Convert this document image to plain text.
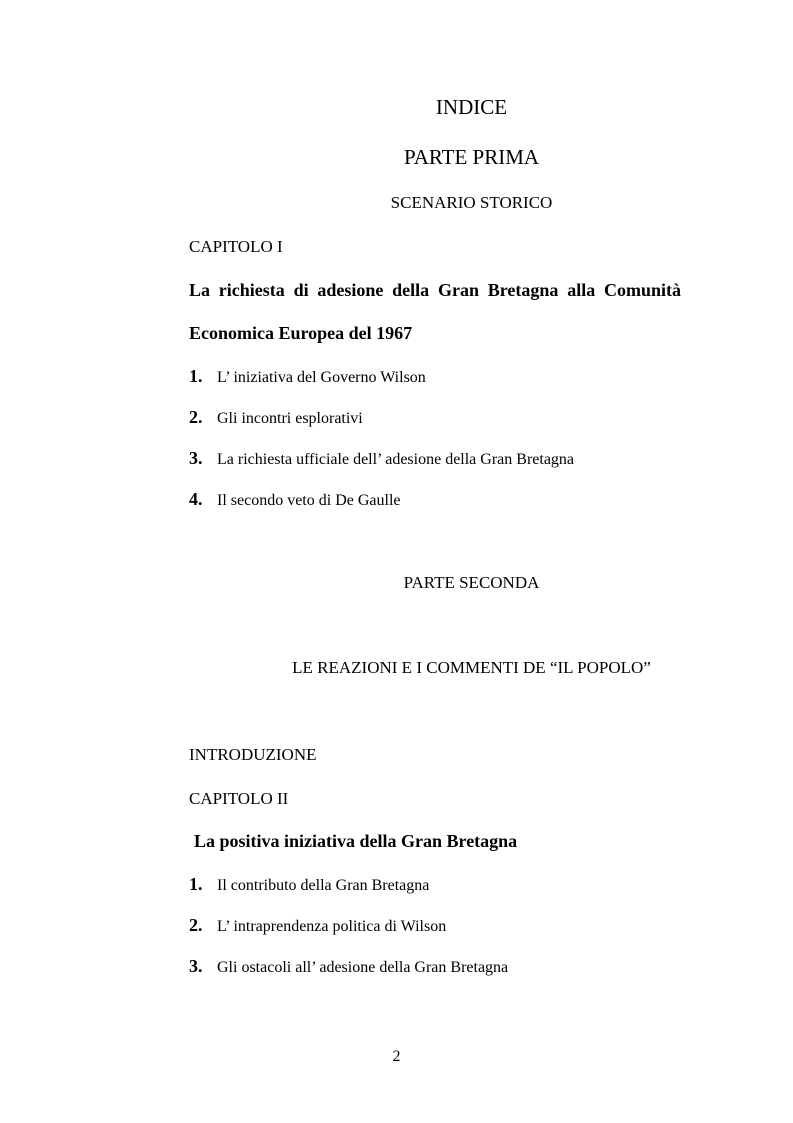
INDICE
PARTE PRIMA

SCENARIO STORICO

CAPITOLO I

La richiesta di adesione della Gran Bretagna alla Comunità

Economica Europea del 1967

1. L’ iniziativa del Governo Wilson

2. Gli incontri esplorativi

3. La richiesta ufficiale dell’ adesione della Gran Bretagna

4. Il secondo veto di De Gaulle

PARTE SECONDA

LE REAZIONI E I COMMENTI DE “IL POPOLO”

INTRODUZIONE

CAPITOLO II

La positiva iniziativa della Gran Bretagna

1. Il contributo della Gran Bretagna

2. L’ intraprendenza politica di Wilson

3. Gli ostacoli all’ adesione della Gran Bretagna

2
